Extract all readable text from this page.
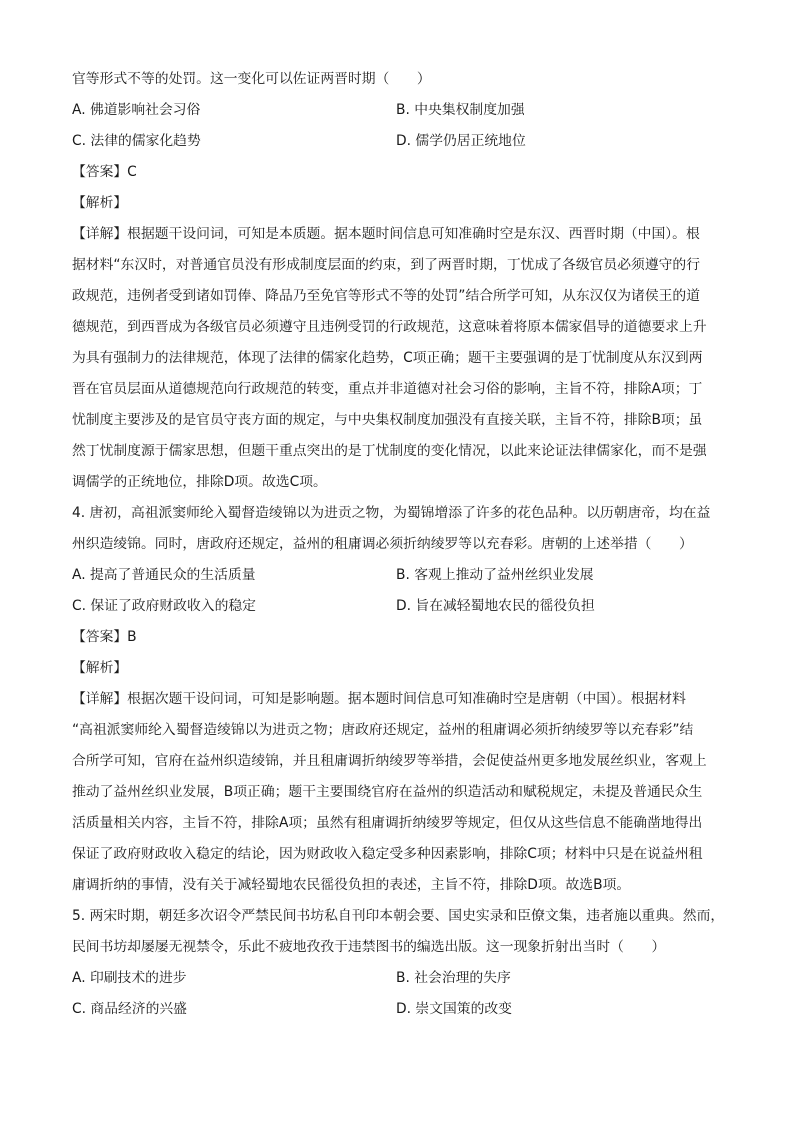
官等形式不等的处罚。这一变化可以佐证两晋时期（　　）

A. 佛道影响社会习俗	B. 中央集权制度加强
C. 法律的儒家化趋势	D. 儒学仍居正统地位

【答案】C

【解析】

【详解】根据题干设问词，可知是本质题。据本题时间信息可知准确时空是东汉、西晋时期（中国）。根

据材料“东汉时，对普通官员没有形成制度层面的约束，到了两晋时期，丁忧成了各级官员必须遵守的行

政规范，违例者受到诸如罚俸、降品乃至免官等形式不等的处罚”结合所学可知，从东汉仅为诸侯王的道

德规范，到西晋成为各级官员必须遵守且违例受罚的行政规范，这意味着将原本儒家倡导的道德要求上升

为具有强制力的法律规范，体现了法律的儒家化趋势，C项正确；题干主要强调的是丁忧制度从东汉到两

晋在官员层面从道德规范向行政规范的转变，重点并非道德对社会习俗的影响，主旨不符，排除A项；丁

忧制度主要涉及的是官员守丧方面的规定，与中央集权制度加强没有直接关联，主旨不符，排除B项；虽

然丁忧制度源于儒家思想，但题干重点突出的是丁忧制度的变化情况，以此来论证法律儒家化，而不是强

调儒学的正统地位，排除D项。故选C项。

4. 唐初，高祖派窦师纶入蜀督造绫锦以为进贡之物，为蜀锦增添了许多的花色品种。以历朝唐帝，均在益

州织造绫锦。同时，唐政府还规定，益州的租庸调必须折纳绫罗等以充春彩。唐朝的上述举措（　　）

A. 提高了普通民众的生活质量	B. 客观上推动了益州丝织业发展
C. 保证了政府财政收入的稳定	D. 旨在减轻蜀地农民的徭役负担

【答案】B

【解析】

【详解】根据次题干设问词，可知是影响题。据本题时间信息可知准确时空是唐朝（中国）。根据材料

“高祖派窦师纶入蜀督造绫锦以为进贡之物；唐政府还规定，益州的租庸调必须折纳绫罗等以充春彩”结

合所学可知，官府在益州织造绫锦，并且租庸调折纳绫罗等举措，会促使益州更多地发展丝织业，客观上

推动了益州丝织业发展，B项正确；题干主要围绕官府在益州的织造活动和赋税规定，未提及普通民众生

活质量相关内容，主旨不符，排除A项；虽然有租庸调折纳绫罗等规定，但仅从这些信息不能确凿地得出

保证了政府财政收入稳定的结论，因为财政收入稳定受多种因素影响，排除C项；材料中只是在说益州租

庸调折纳的事情，没有关于减轻蜀地农民徭役负担的表述，主旨不符，排除D项。故选B项。

5. 两宋时期，朝廷多次诏令严禁民间书坊私自刊印本朝会要、国史实录和臣僚文集，违者施以重典。然而，

民间书坊却屡屡无视禁令，乐此不疲地孜孜于违禁图书的编选出版。这一现象折射出当时（　　）

A. 印刷技术的进步	B. 社会治理的失序
C. 商品经济的兴盛	D. 崇文国策的改变
